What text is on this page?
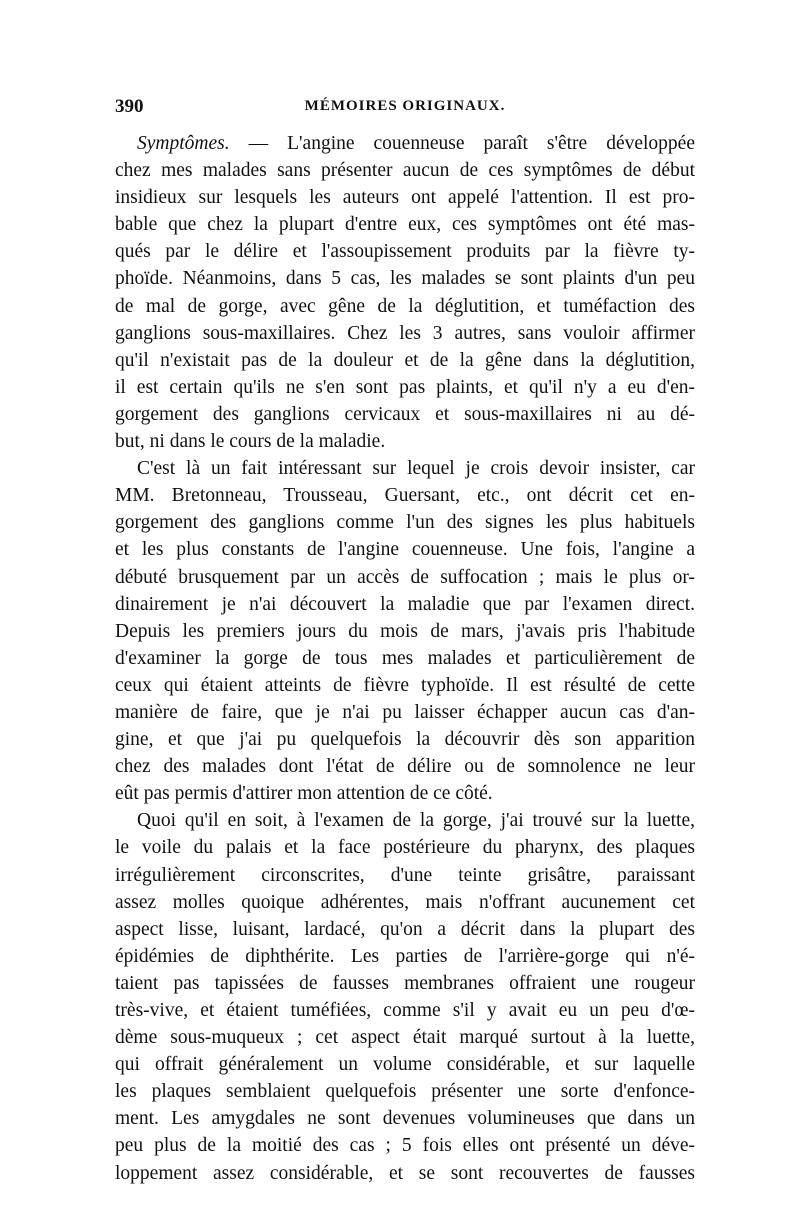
390	MÉMOIRES ORIGINAUX.
Symptômes. — L'angine couenneuse paraît s'être développée
chez mes malades sans présenter aucun de ces symptômes de début
insidieux sur lesquels les auteurs ont appelé l'attention. Il est pro-
bable que chez la plupart d'entre eux, ces symptômes ont été mas-
qués par le délire et l'assoupissement produits par la fièvre ty-
phoïde. Néanmoins, dans 5 cas, les malades se sont plaints d'un peu
de mal de gorge, avec gêne de la déglutition, et tuméfaction des
ganglions sous-maxillaires. Chez les 3 autres, sans vouloir affirmer
qu'il n'existait pas de la douleur et de la gêne dans la déglutition,
il est certain qu'ils ne s'en sont pas plaints, et qu'il n'y a eu d'en-
gorgement des ganglions cervicaux et sous-maxillaires ni au dé-
but, ni dans le cours de la maladie.
C'est là un fait intéressant sur lequel je crois devoir insister, car
MM. Bretonneau, Trousseau, Guersant, etc., ont décrit cet en-
gorgement des ganglions comme l'un des signes les plus habituels
et les plus constants de l'angine couenneuse. Une fois, l'angine a
débuté brusquement par un accès de suffocation ; mais le plus or-
dinairement je n'ai découvert la maladie que par l'examen direct.
Depuis les premiers jours du mois de mars, j'avais pris l'habitude
d'examiner la gorge de tous mes malades et particulièrement de
ceux qui étaient atteints de fièvre typhoïde. Il est résulté de cette
manière de faire, que je n'ai pu laisser échapper aucun cas d'an-
gine, et que j'ai pu quelquefois la découvrir dès son apparition
chez des malades dont l'état de délire ou de somnolence ne leur
eût pas permis d'attirer mon attention de ce côté.
Quoi qu'il en soit, à l'examen de la gorge, j'ai trouvé sur la luette,
le voile du palais et la face postérieure du pharynx, des plaques
irrégulièrement circonscrites, d'une teinte grisâtre, paraissant
assez molles quoique adhérentes, mais n'offrant aucunement cet
aspect lisse, luisant, lardacé, qu'on a décrit dans la plupart des
épidémies de diphthérite. Les parties de l'arrière-gorge qui n'é-
taient pas tapissées de fausses membranes offraient une rougeur
très-vive, et étaient tuméfiées, comme s'il y avait eu un peu d'œ-
dème sous-muqueux ; cet aspect était marqué surtout à la luette,
qui offrait généralement un volume considérable, et sur laquelle
les plaques semblaient quelquefois présenter une sorte d'enfonce-
ment. Les amygdales ne sont devenues volumineuses que dans un
peu plus de la moitié des cas ; 5 fois elles ont présenté un déve-
loppement assez considérable, et se sont recouvertes de fausses
